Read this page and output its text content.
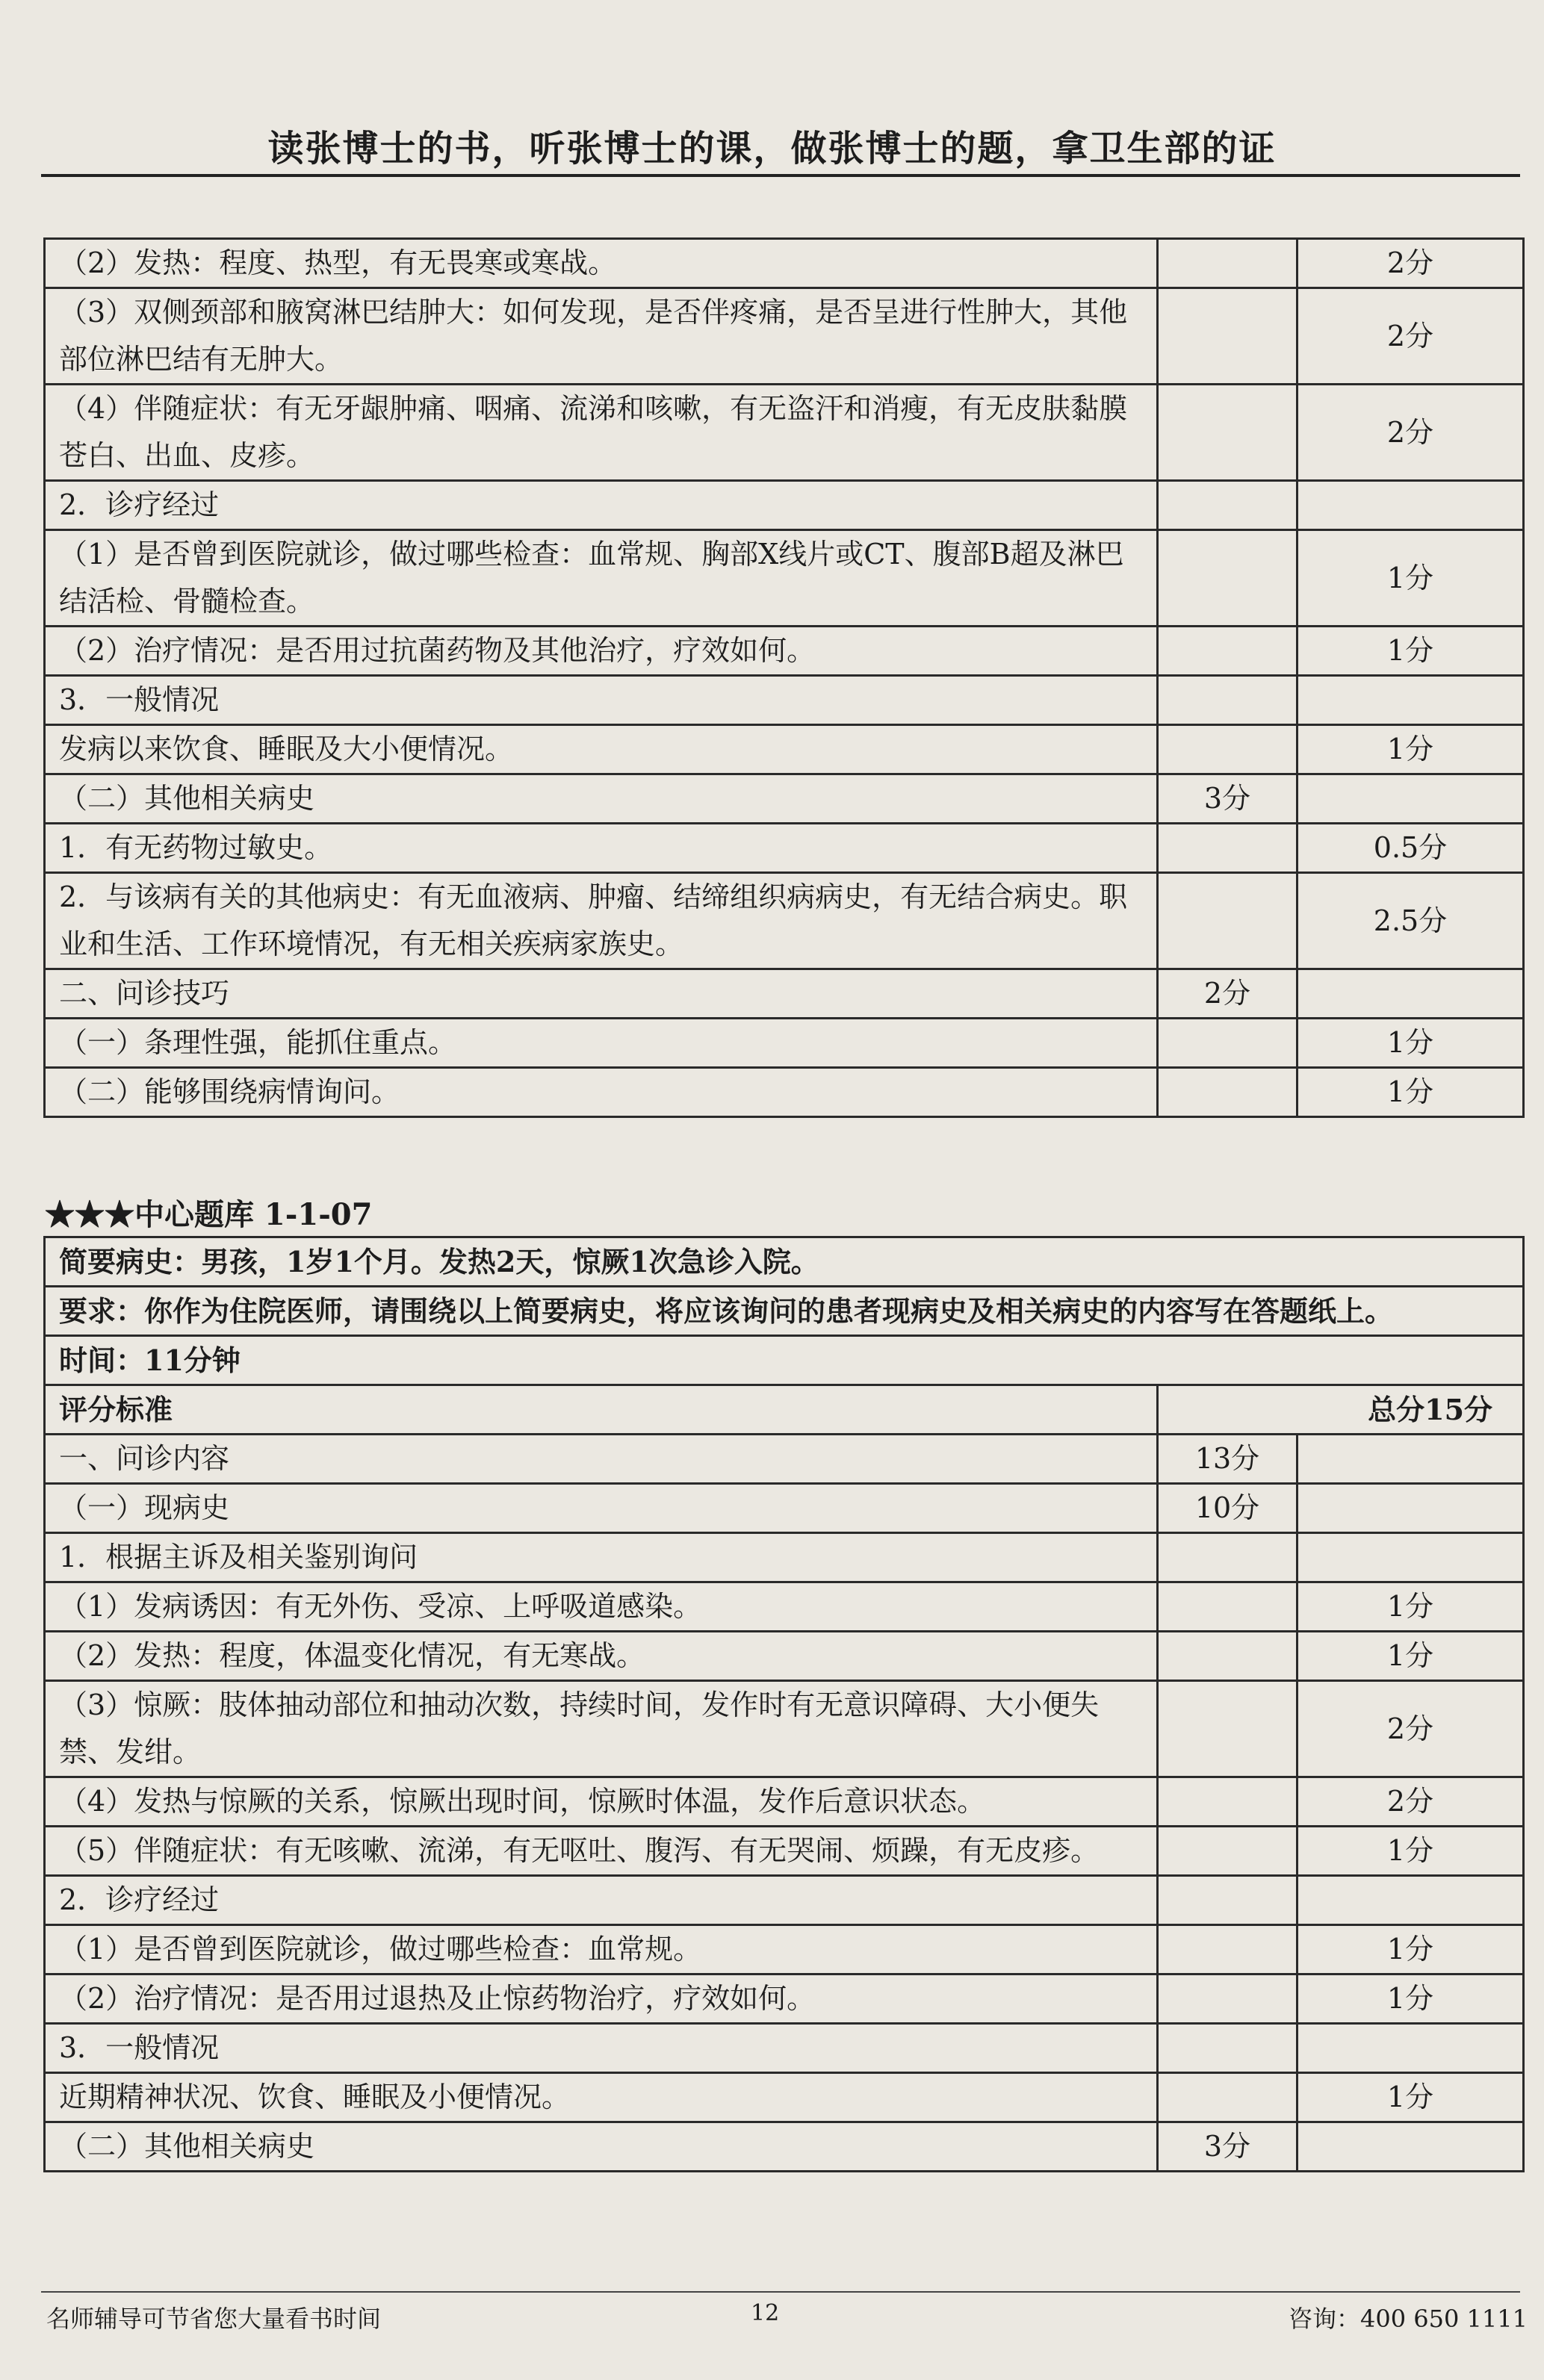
读张博士的书，听张博士的课，做张博士的题，拿卫生部的证
（2）发热：程度、热型，有无畏寒或寒战。		2分
（3）双侧颈部和腋窝淋巴结肿大：如何发现，是否伴疼痛，是否呈进行性肿大，其他部位淋巴结有无肿大。		2分
（4）伴随症状：有无牙龈肿痛、咽痛、流涕和咳嗽，有无盗汗和消瘦，有无皮肤黏膜苍白、出血、皮疹。		2分
2．诊疗经过		
（1）是否曾到医院就诊，做过哪些检查：血常规、胸部X线片或CT、腹部B超及淋巴结活检、骨髓检查。		1分
（2）治疗情况：是否用过抗菌药物及其他治疗，疗效如何。		1分
3．一般情况		
发病以来饮食、睡眠及大小便情况。		1分
（二）其他相关病史	3分	
1．有无药物过敏史。		0.5分
2．与该病有关的其他病史：有无血液病、肿瘤、结缔组织病病史，有无结合病史。职业和生活、工作环境情况，有无相关疾病家族史。		2.5分
二、问诊技巧	2分	
（一）条理性强，能抓住重点。		1分
（二）能够围绕病情询问。		1分
★★★中心题库 1-1-07
简要病史：男孩，1岁1个月。发热2天，惊厥1次急诊入院。		
要求：你作为住院医师，请围绕以上简要病史，将应该询问的患者现病史及相关病史的内容写在答题纸上。		
时间：11分钟		
评分标准	总分15分	
一、问诊内容	13分	
（一）现病史	10分	
1．根据主诉及相关鉴别询问		
（1）发病诱因：有无外伤、受凉、上呼吸道感染。		1分
（2）发热：程度，体温变化情况，有无寒战。		1分
（3）惊厥：肢体抽动部位和抽动次数，持续时间，发作时有无意识障碍、大小便失禁、发绀。		2分
（4）发热与惊厥的关系，惊厥出现时间，惊厥时体温，发作后意识状态。		2分
（5）伴随症状：有无咳嗽、流涕，有无呕吐、腹泻、有无哭闹、烦躁，有无皮疹。		1分
2．诊疗经过		
（1）是否曾到医院就诊，做过哪些检查：血常规。		1分
（2）治疗情况：是否用过退热及止惊药物治疗，疗效如何。		1分
3．一般情况		
近期精神状况、饮食、睡眠及小便情况。		1分
（二）其他相关病史	3分	
名师辅导可节省您大量看书时间	12	咨询：400 650 1111
